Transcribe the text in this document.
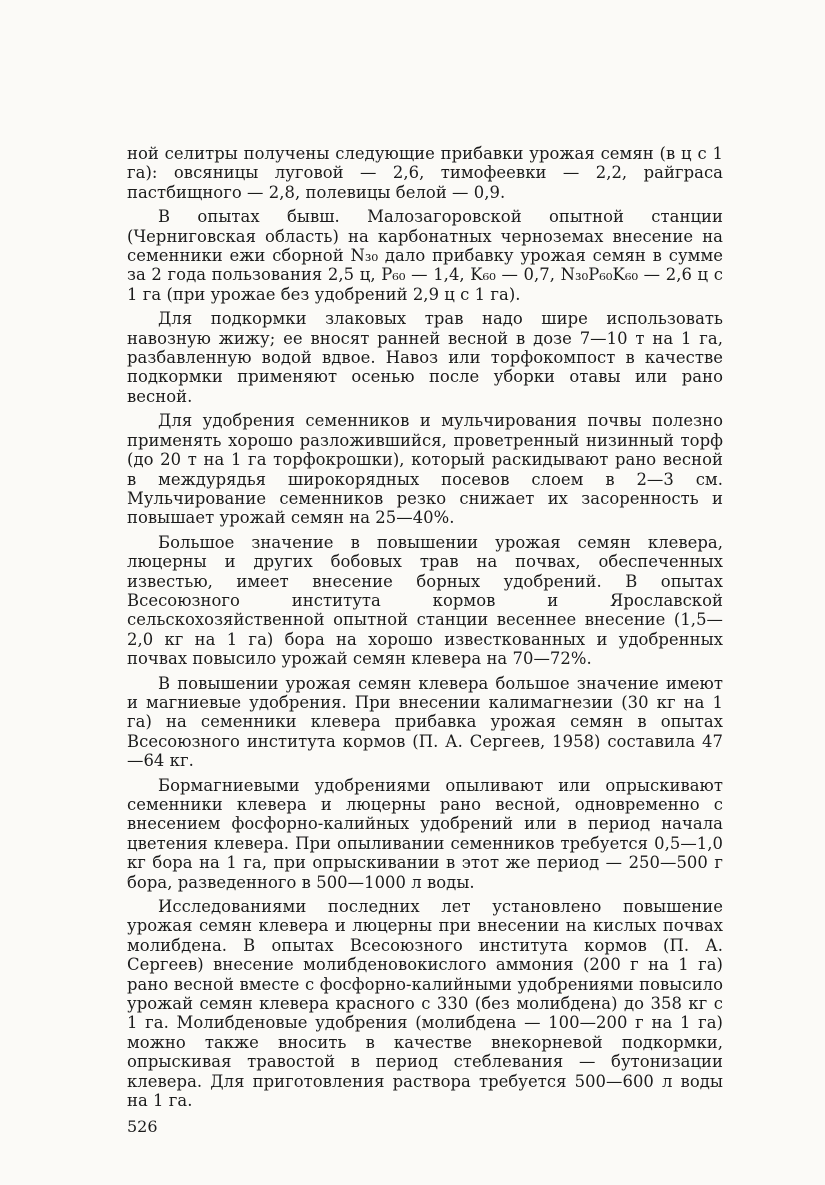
ной селитры получены следующие прибавки урожая семян (в ц с 1 га): овсяницы луговой — 2,6, тимофеевки — 2,2, райграса пастбищного — 2,8, полевицы белой — 0,9.

В опытах бывш. Малозагоровской опытной станции (Черниговская область) на карбонатных черноземах внесение на семенники ежи сборной N₃₀ дало прибавку урожая семян в сумме за 2 года пользования 2,5 ц, P₆₀ — 1,4, K₆₀ — 0,7, N₃₀P₆₀K₆₀ — 2,6 ц с 1 га (при урожае без удобрений 2,9 ц с 1 га).

Для подкормки злаковых трав надо шире использовать навозную жижу; ее вносят ранней весной в дозе 7—10 т на 1 га, разбавленную водой вдвое. Навоз или торфокомпост в качестве подкормки применяют осенью после уборки отавы или рано весной.

Для удобрения семенников и мульчирования почвы полезно применять хорошо разложившийся, проветренный низинный торф (до 20 т на 1 га торфокрошки), который раскидывают рано весной в междурядья широкорядных посевов слоем в 2—3 см. Мульчирование семенников резко снижает их засоренность и повышает урожай семян на 25—40%.

Большое значение в повышении урожая семян клевера, люцерны и других бобовых трав на почвах, обеспеченных известью, имеет внесение борных удобрений. В опытах Всесоюзного института кормов и Ярославской сельскохозяйственной опытной станции весеннее внесение (1,5—2,0 кг на 1 га) бора на хорошо известкованных и удобренных почвах повысило урожай семян клевера на 70—72%.

В повышении урожая семян клевера большое значение имеют и магниевые удобрения. При внесении калимагнезии (30 кг на 1 га) на семенники клевера прибавка урожая семян в опытах Всесоюзного института кормов (П. А. Сергеев, 1958) составила 47—64 кг.

Бормагниевыми удобрениями опыливают или опрыскивают семенники клевера и люцерны рано весной, одновременно с внесением фосфорно-калийных удобрений или в период начала цветения клевера. При опыливании семенников требуется 0,5—1,0 кг бора на 1 га, при опрыскивании в этот же период — 250—500 г бора, разведенного в 500—1000 л воды.

Исследованиями последних лет установлено повышение урожая семян клевера и люцерны при внесении на кислых почвах молибдена. В опытах Всесоюзного института кормов (П. А. Сергеев) внесение молибденовокислого аммония (200 г на 1 га) рано весной вместе с фосфорно-калийными удобрениями повысило урожай семян клевера красного с 330 (без молибдена) до 358 кг с 1 га. Молибденовые удобрения (молибдена — 100—200 г на 1 га) можно также вносить в качестве внекорневой подкормки, опрыскивая травостой в период стеблевания — бутонизации клевера. Для приготовления раствора требуется 500—600 л воды на 1 га.

526
